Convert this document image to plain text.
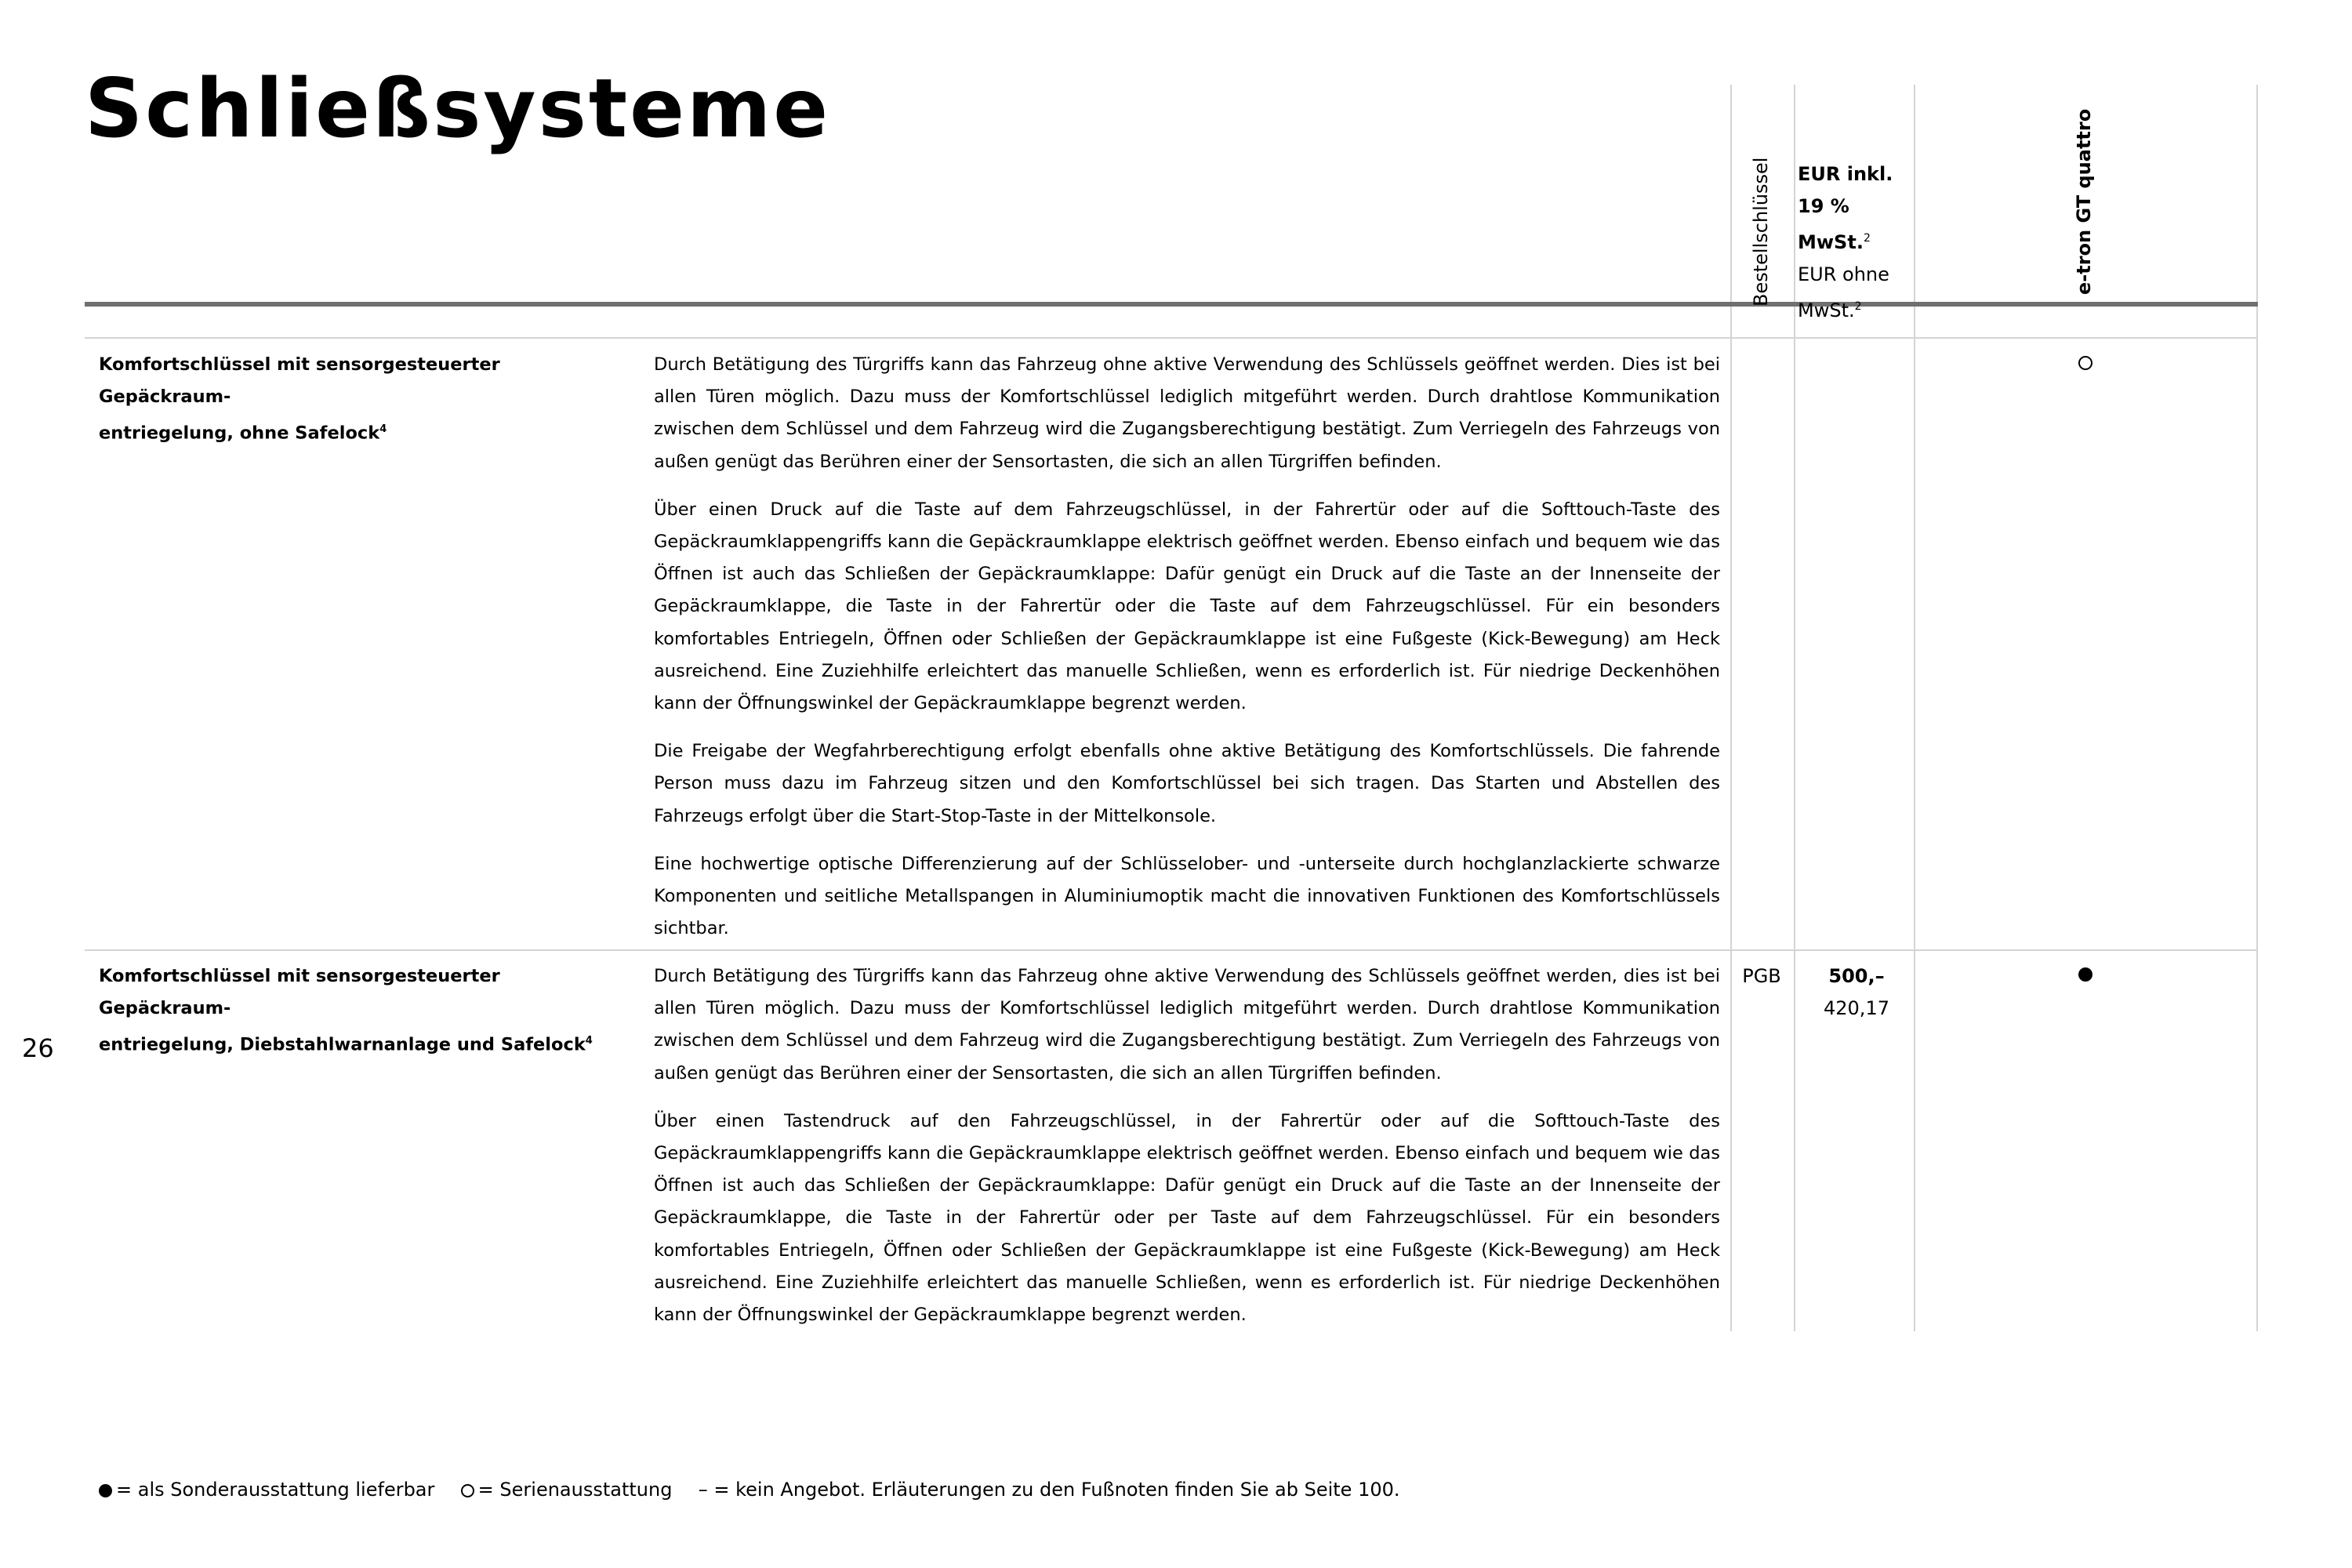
Schließsysteme
26
Bestellschlüssel EUR inkl.
19 % MwSt.$^2$
EUR ohne
MwSt.$^2$
e-tron GT quattro
Komfortschlüssel mit sensorgesteuerter Gepäckraum-
entriegelung, ohne Safelock$^4$

Durch Betätigung des Türgriffs kann das Fahrzeug ohne aktive Verwendung des Schlüssels geöffnet werden. Dies ist bei allen Türen möglich. Dazu muss der Komfortschlüssel lediglich mitgeführt werden. Durch drahtlose Kommunikation zwischen dem Schlüssel und dem Fahrzeug wird die Zugangsberechtigung bestätigt. Zum Verriegeln des Fahrzeugs von außen genügt das Berühren einer der Sensortasten, die sich an allen Türgriffen befinden.

Über einen Druck auf die Taste auf dem Fahrzeugschlüssel, in der Fahrertür oder auf die Softtouch-Taste des Gepäckraumklappengriffs kann die Gepäckraumklappe elektrisch geöffnet werden. Ebenso einfach und bequem wie das Öffnen ist auch das Schließen der Gepäckraumklappe: Dafür genügt ein Druck auf die Taste an der Innenseite der Gepäckraumklappe, die Taste in der Fahrertür oder die Taste auf dem Fahrzeugschlüssel. Für ein besonders komfortables Entriegeln, Öffnen oder Schließen der Gepäckraumklappe ist eine Fußgeste (Kick-Bewegung) am Heck ausreichend. Eine Zuziehhilfe erleichtert das manuelle Schließen, wenn es erforderlich ist. Für niedrige Deckenhöhen kann der Öffnungswinkel der Gepäckraumklappe begrenzt werden.

Die Freigabe der Wegfahrberechtigung erfolgt ebenfalls ohne aktive Betätigung des Komfortschlüssels. Die fahrende Person muss dazu im Fahrzeug sitzen und den Komfortschlüssel bei sich tragen. Das Starten und Abstellen des Fahrzeugs erfolgt über die Start-Stop-Taste in der Mittelkonsole.

Eine hochwertige optische Differenzierung auf der Schlüsselober- und -unterseite durch hochglanzlackierte schwarze Komponenten und seitliche Metallspangen in Aluminiumoptik macht die innovativen Funktionen des Komfortschlüssels sichtbar.

Komfortschlüssel mit sensorgesteuerter Gepäckraum-
entriegelung, Diebstahlwarnanlage und Safelock$^4$

Durch Betätigung des Türgriffs kann das Fahrzeug ohne aktive Verwendung des Schlüssels geöffnet werden, dies ist bei allen Türen möglich. Dazu muss der Komfortschlüssel lediglich mitgeführt werden. Durch drahtlose Kommunikation zwischen dem Schlüssel und dem Fahrzeug wird die Zugangsberechtigung bestätigt. Zum Verriegeln des Fahrzeugs von außen genügt das Berühren einer der Sensortasten, die sich an allen Türgriffen befinden.

Über einen Tastendruck auf den Fahrzeugschlüssel, in der Fahrertür oder auf die Softtouch-Taste des Gepäckraumklappengriffs kann die Gepäckraumklappe elektrisch geöffnet werden. Ebenso einfach und bequem wie das Öffnen ist auch das Schließen der Gepäckraumklappe: Dafür genügt ein Druck auf die Taste an der Innenseite der Gepäckraumklappe, die Taste in der Fahrertür oder per Taste auf dem Fahrzeugschlüssel. Für ein besonders komfortables Entriegeln, Öffnen oder Schließen der Gepäckraumklappe ist eine Fußgeste (Kick-Bewegung) am Heck ausreichend. Eine Zuziehhilfe erleichtert das manuelle Schließen, wenn es erforderlich ist. Für niedrige Deckenhöhen kann der Öffnungswinkel der Gepäckraumklappe begrenzt werden.

PGB	500,–
420,17
= als Sonderausstattung lieferbar = Serienausstattung – = kein Angebot. Erläuterungen zu den Fußnoten finden Sie ab Seite 100.
